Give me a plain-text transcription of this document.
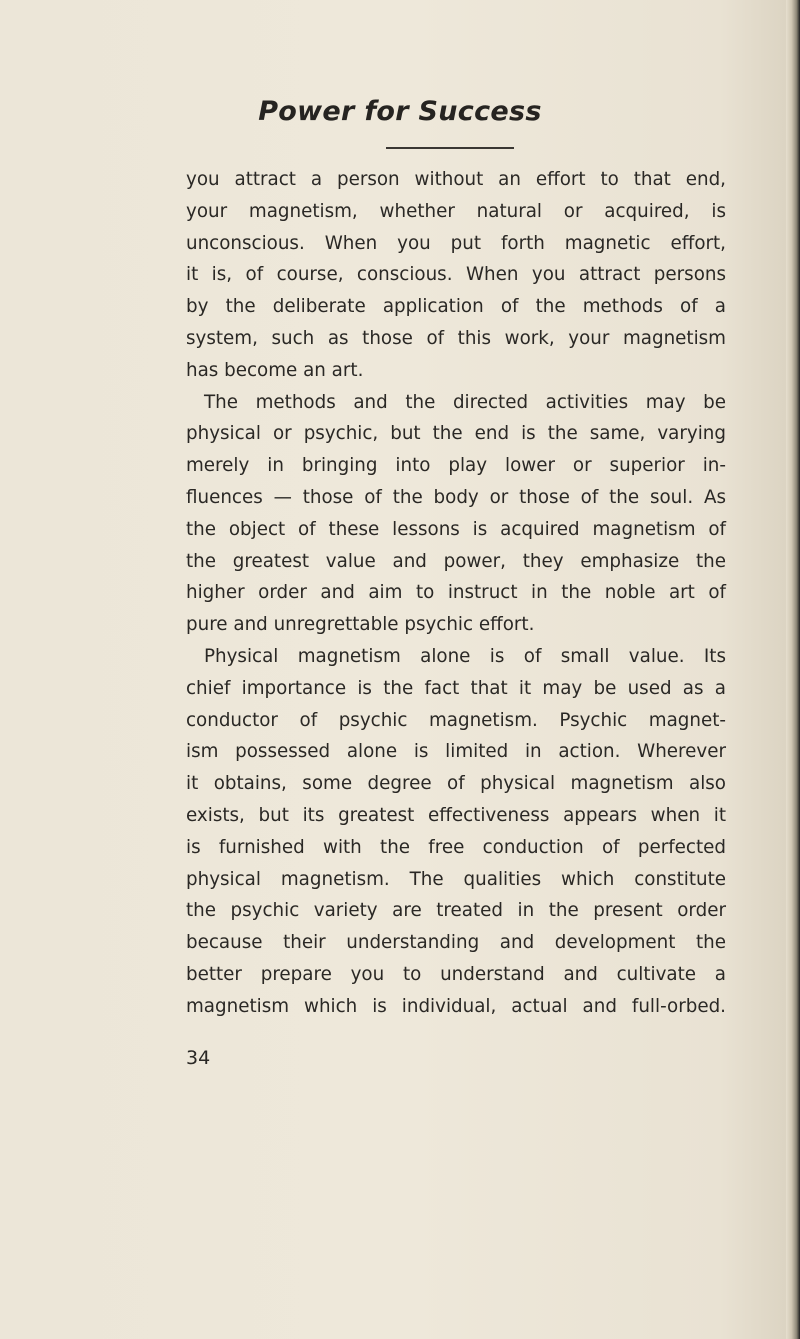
Power for Success
you attract a person without an effort to that end,
your magnetism, whether natural or acquired, is
unconscious. When you put forth magnetic effort,
it is, of course, conscious. When you attract persons
by the deliberate application of the methods of a
system, such as those of this work, your magnetism
has become an art.
The methods and the directed activities may be
physical or psychic, but the end is the same, varying
merely in bringing into play lower or superior in-
fluences — those of the body or those of the soul. As
the object of these lessons is acquired magnetism of
the greatest value and power, they emphasize the
higher order and aim to instruct in the noble art of
pure and unregrettable psychic effort.
Physical magnetism alone is of small value. Its
chief importance is the fact that it may be used as a
conductor of psychic magnetism. Psychic magnet-
ism possessed alone is limited in action. Wherever
it obtains, some degree of physical magnetism also
exists, but its greatest effectiveness appears when it
is furnished with the free conduction of perfected
physical magnetism. The qualities which constitute
the psychic variety are treated in the present order
because their understanding and development the
better prepare you to understand and cultivate a
magnetism which is individual, actual and full-orbed.

34
